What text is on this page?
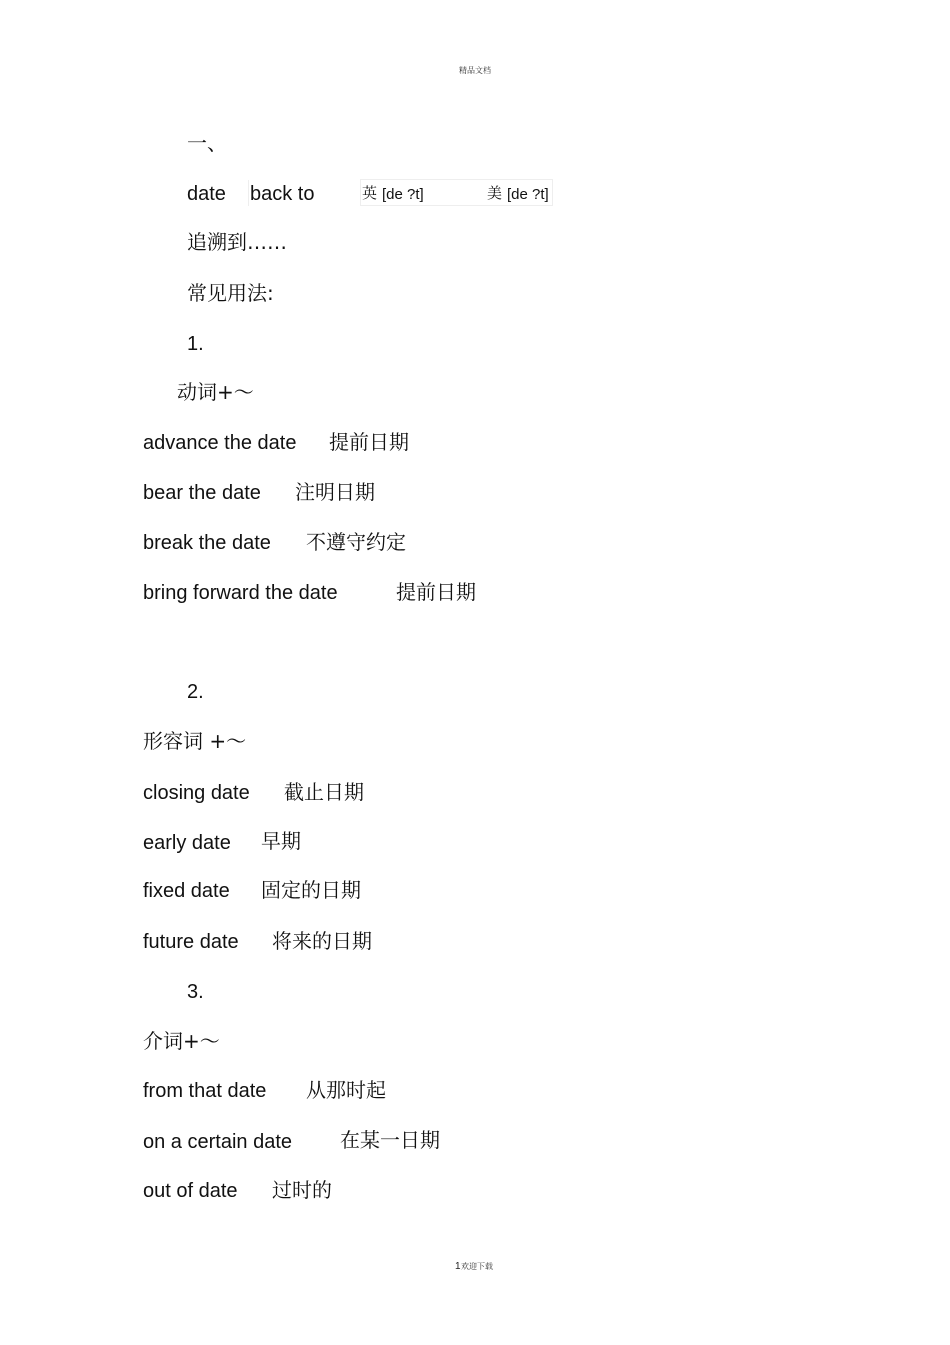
精品文档
一、
date back to	英 [de ?t]	美 [de ?t]
追溯到……
常见用法:
1.
动词+～
advance the date 提前日期
bear the date 注明日期
break the date 不遵守约定
bring forward the date	提前日期
2.
形容词 +～
closing date 截止日期
early date 早期
fixed date 固定的日期
future date 将来的日期
3.
介词+～
from that date 从那时起
on a certain date 在某一日期
out of date 过时的
1 欢迎下载
